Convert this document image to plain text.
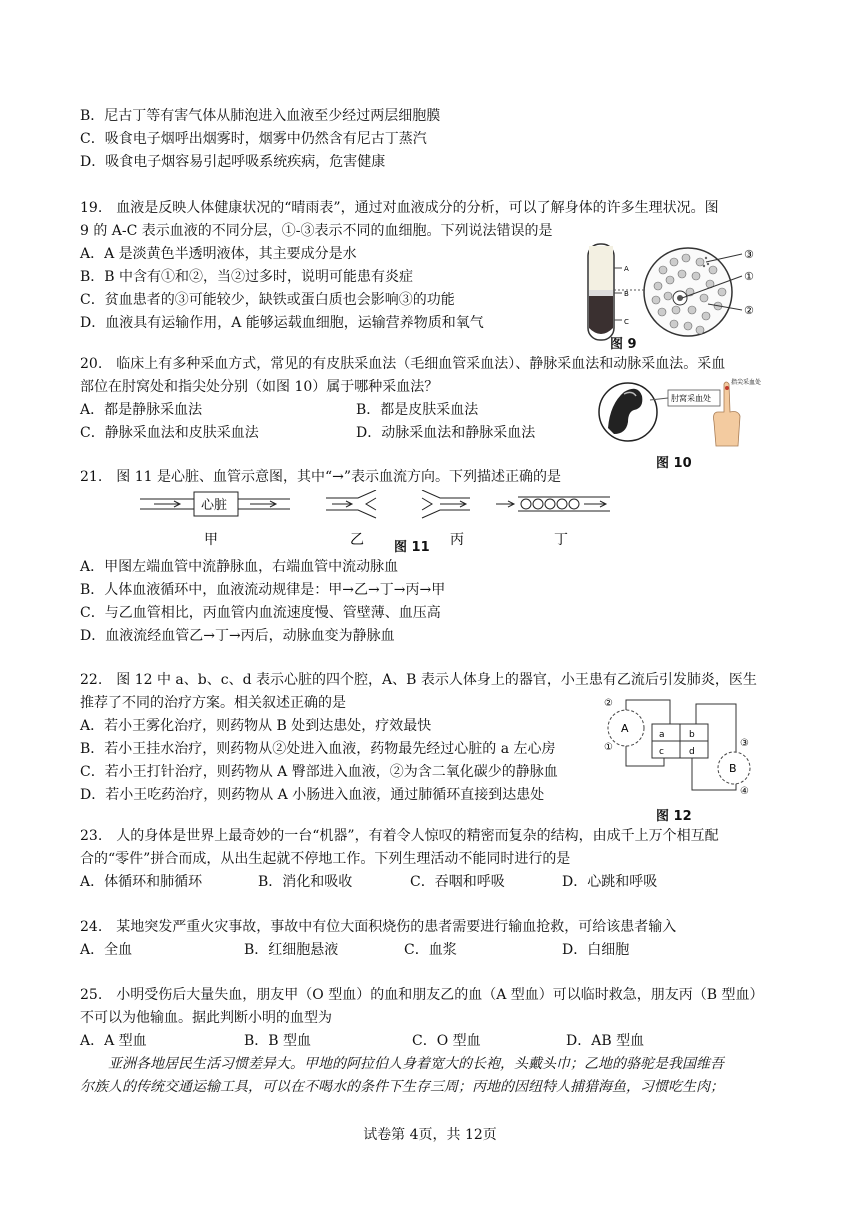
B．尼古丁等有害气体从肺泡进入血液至少经过两层细胞膜
C．吸食电子烟呼出烟雾时，烟雾中仍然含有尼古丁蒸汽
D．吸食电子烟容易引起呼吸系统疾病，危害健康
19.　血液是反映人体健康状况的“晴雨表”，通过对血液成分的分析，可以了解身体的许多生理状况。图
9 的 A-C 表示血液的不同分层，①-③表示不同的血细胞。下列说法错误的是
A．A 是淡黄色半透明液体，其主要成分是水
B．B 中含有①和②，当②过多时，说明可能患有炎症
C．贫血患者的③可能较少，缺铁或蛋白质也会影响③的功能
D．血液具有运输作用，A 能够运载血细胞，运输营养物质和氧气
A
B
C
③
①
②
图 9
20.　临床上有多种采血方式，常见的有皮肤采血法（毛细血管采血法）、静脉采血法和动脉采血法。采血
部位在肘窝处和指尖处分别（如图 10）属于哪种采血法？
A．都是静脉采血法	B．都是皮肤采血法
C．静脉采血法和皮肤采血法	D．动脉采血法和静脉采血法
肘窝采血处
指尖采血处
图 10
21.　图 11 是心脏、血管示意图，其中“→”表示血流方向。下列描述正确的是
心脏
甲	乙	丙	丁
图 11
A．甲图左端血管中流静脉血，右端血管中流动脉血
B．人体血液循环中，血液流动规律是：甲→乙→丁→丙→甲
C．与乙血管相比，丙血管内血流速度慢、管壁薄、血压高
D．血液流经血管乙→丁→丙后，动脉血变为静脉血
22.　图 12 中 a、b、c、d 表示心脏的四个腔，A、B 表示人体身上的器官，小王患有乙流后引发肺炎，医生
推荐了不同的治疗方案。相关叙述正确的是
A．若小王雾化治疗，则药物从 B 处到达患处，疗效最快
B．若小王挂水治疗，则药物从②处进入血液，药物最先经过心脏的 a 左心房
C．若小王打针治疗，则药物从 A 臀部进入血液，②为含二氧化碳少的静脉血
D．若小王吃药治疗，则药物从 A 小肠进入血液，通过肺循环直接到达患处
A	a	b
c	d
B
②
①	③
④
图 12
23.　人的身体是世界上最奇妙的一台“机器”，有着令人惊叹的精密而复杂的结构，由成千上万个相互配
合的“零件”拼合而成，从出生起就不停地工作。下列生理活动不能同时进行的是
A．体循环和肺循环	B．消化和吸收	C．吞咽和呼吸	D．心跳和呼吸
24.　某地突发严重火灾事故，事故中有位大面积烧伤的患者需要进行输血抢救，可给该患者输入
A．全血	B．红细胞悬液	C．血浆	D．白细胞
25.　小明受伤后大量失血，朋友甲（O 型血）的血和朋友乙的血（A 型血）可以临时救急，朋友丙（B 型血）
不可以为他输血。据此判断小明的血型为
A．A 型血	B．B 型血	C．O 型血	D．AB 型血
亚洲各地居民生活习惯差异大。甲地的阿拉伯人身着宽大的长袍，头戴头巾；乙地的骆驼是我国维吾
尔族人的传统交通运输工具，可以在不喝水的条件下生存三周；丙地的因纽特人捕猎海鱼，习惯吃生肉；
试卷第 4页，共 12页
